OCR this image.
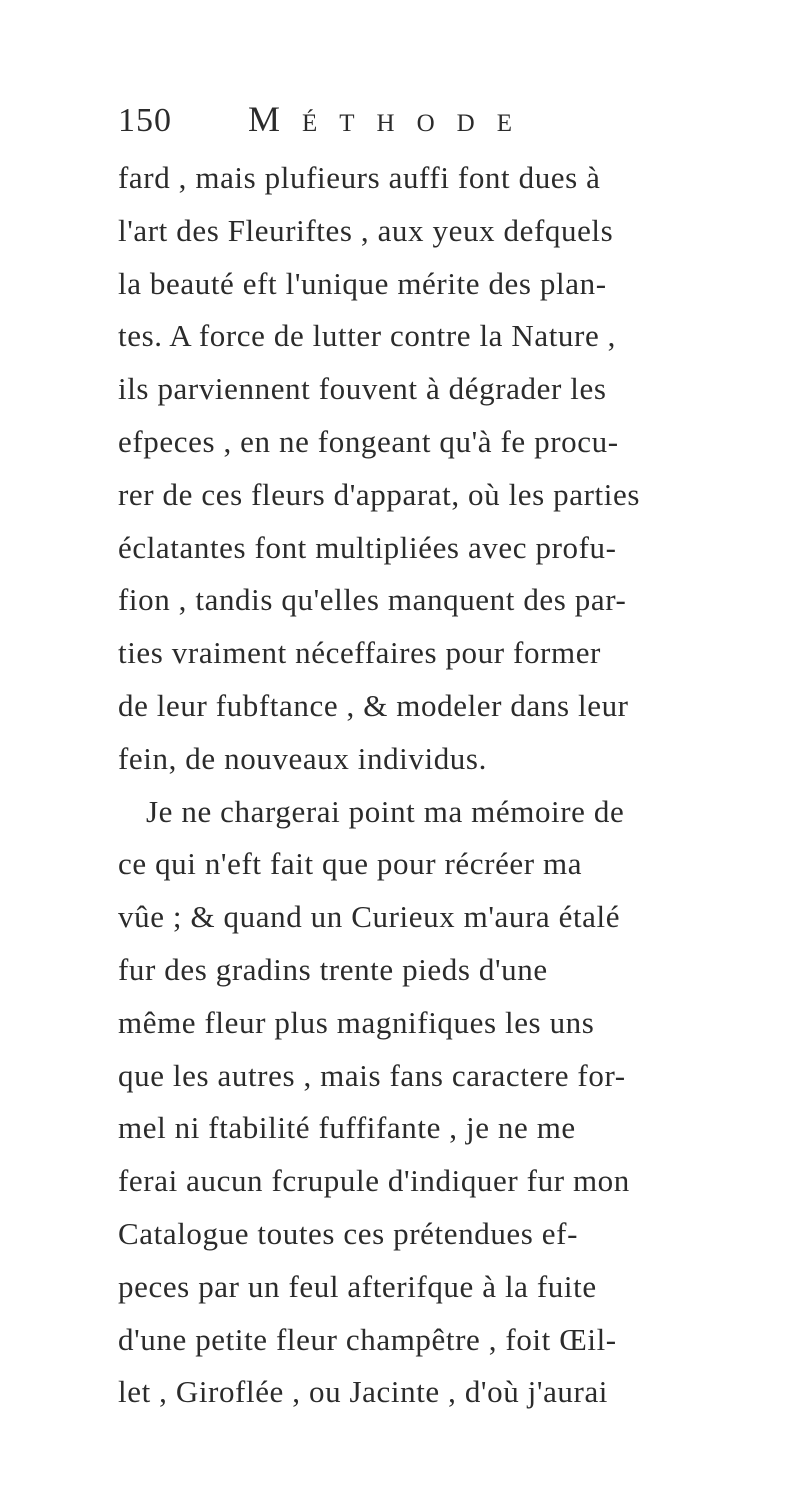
150 Méthode
fard , mais plufieurs auffi font dues à
l'art des Fleuriftes , aux yeux defquels
la beauté eft l'unique mérite des plan-
tes. A force de lutter contre la Nature ,
ils parviennent fouvent à dégrader les
efpeces , en ne fongeant qu'à fe procu-
rer de ces fleurs d'apparat, où les parties
éclatantes font multipliées avec profu-
fion , tandis qu'elles manquent des par-
ties vraiment néceffaires pour former
de leur fubftance , & modeler dans leur
fein, de nouveaux individus.
Je ne chargerai point ma mémoire de
ce qui n'eft fait que pour récréer ma
vûe ; & quand un Curieux m'aura étalé
fur des gradins trente pieds d'une
même fleur plus magnifiques les uns
que les autres , mais fans caractere for-
mel ni ftabilité fuffifante , je ne me
ferai aucun fcrupule d'indiquer fur mon
Catalogue toutes ces prétendues ef-
peces par un feul afterifque à la fuite
d'une petite fleur champêtre , foit Œil-
let , Giroflée , ou Jacinte , d'où j'aurai
